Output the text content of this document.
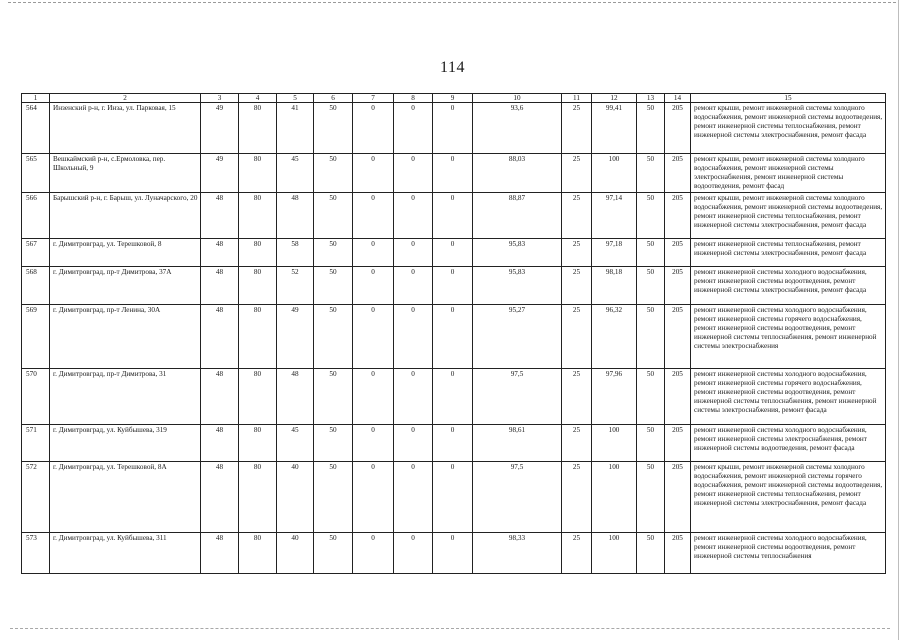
114
1	2	3	4	5	6	7	8	9	10	11	12	13	14	15
564	Инзенский р-н, г. Инза, ул. Парковая, 15	49	80	41	50	0	0	0	93,6	25	99,41	50	205	ремонт крыши, ремонт инженерной системы холодного водоснабжения, ремонт инженерной системы водоотведения, ремонт инженерной системы теплоснабжения, ремонт инженерной системы электроснабжения, ремонт фасада
565	Вешкаймский р-н, с.Ермоловка, пер. Школьный, 9	49	80	45	50	0	0	0	88,03	25	100	50	205	ремонт крыши, ремонт инженерной системы холодного водоснабжения, ремонт инженерной системы электроснабжения, ремонт инженерной системы водоотведения, ремонт фасад
566	Барышский р-н, г. Барыш, ул. Луначарского, 20	48	80	48	50	0	0	0	88,87	25	97,14	50	205	ремонт крыши, ремонт инженерной системы холодного водоснабжения, ремонт инженерной системы водоотведения, ремонт инженерной системы теплоснабжения, ремонт инженерной системы электроснабжения, ремонт фасада
567	г. Димитровград, ул. Терешковой, 8	48	80	58	50	0	0	0	95,83	25	97,18	50	205	ремонт инженерной системы теплоснабжения, ремонт инженерной системы электроснабжения, ремонт фасада
568	г. Димитровград, пр-т Димитрова, 37А	48	80	52	50	0	0	0	95,83	25	98,18	50	205	ремонт инженерной системы холодного водоснабжения, ремонт инженерной системы водоотведения, ремонт инженерной системы электроснабжения, ремонт фасада
569	г. Димитровград, пр-т Ленина, 30А	48	80	49	50	0	0	0	95,27	25	96,32	50	205	ремонт инженерной системы холодного водоснабжения, ремонт инженерной системы горячего водоснабжения, ремонт инженерной системы водоотведения, ремонт инженерной системы теплоснабжения, ремонт инженерной системы электроснабжения
570	г. Димитровград, пр-т Димитрова, 31	48	80	48	50	0	0	0	97,5	25	97,96	50	205	ремонт инженерной системы холодного водоснабжения, ремонт инженерной системы горячего водоснабжения, ремонт инженерной системы водоотведения, ремонт инженерной системы теплоснабжения, ремонт инженерной системы электроснабжения, ремонт фасада
571	г. Димитровград, ул. Куйбышева, 319	48	80	45	50	0	0	0	98,61	25	100	50	205	ремонт инженерной системы холодного водоснабжения, ремонт инженерной системы электроснабжения, ремонт инженерной системы водоотведения, ремонт фасада
572	г. Димитровград, ул. Терешковой, 8А	48	80	40	50	0	0	0	97,5	25	100	50	205	ремонт крыши, ремонт инженерной системы холодного водоснабжения, ремонт инженерной системы горячего водоснабжения, ремонт инженерной системы водоотведения, ремонт инженерной системы теплоснабжения, ремонт инженерной системы электроснабжения, ремонт фасада
573	г. Димитровград, ул. Куйбышева, 311	48	80	40	50	0	0	0	98,33	25	100	50	205	ремонт инженерной системы холодного водоснабжения, ремонт инженерной системы водоотведения, ремонт инженерной системы теплоснабжения
